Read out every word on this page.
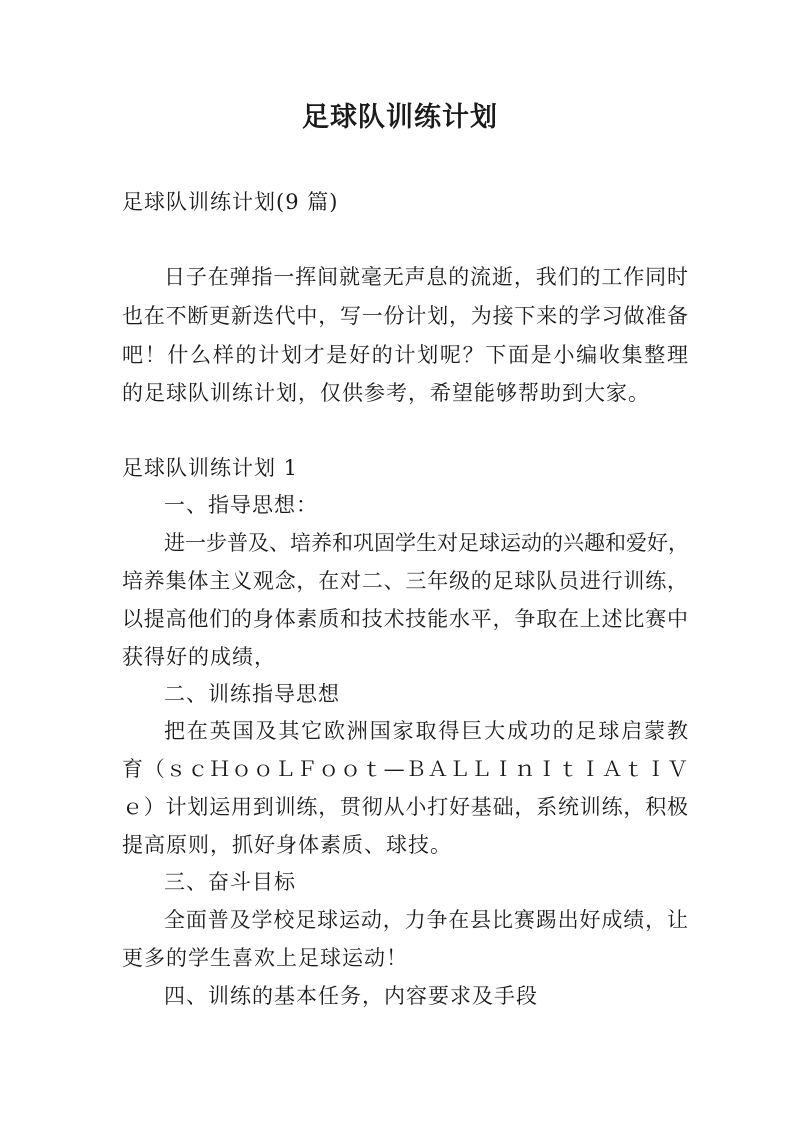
足球队训练计划
足球队训练计划(9 篇)
日子在弹指一挥间就毫无声息的流逝，我们的工作同时
也在不断更新迭代中，写一份计划，为接下来的学习做准备
吧！什么样的计划才是好的计划呢？下面是小编收集整理
的足球队训练计划，仅供参考，希望能够帮助到大家。
足球队训练计划 1
一、指导思想：
进一步普及、培养和巩固学生对足球运动的兴趣和爱好，
培养集体主义观念，在对二、三年级的足球队员进行训练，
以提高他们的身体素质和技术技能水平，争取在上述比赛中
获得好的成绩，
二、训练指导思想
把在英国及其它欧洲国家取得巨大成功的足球启蒙教
育（ｓｃＨｏｏＬＦｏｏｔ—ＢＡＬＬＩｎＩｔＩＡｔＩＶ
ｅ）计划运用到训练，贯彻从小打好基础，系统训练，积极
提高原则，抓好身体素质、球技。
三、奋斗目标
全面普及学校足球运动，力争在县比赛踢出好成绩，让
更多的学生喜欢上足球运动！
四、训练的基本任务，内容要求及手段
